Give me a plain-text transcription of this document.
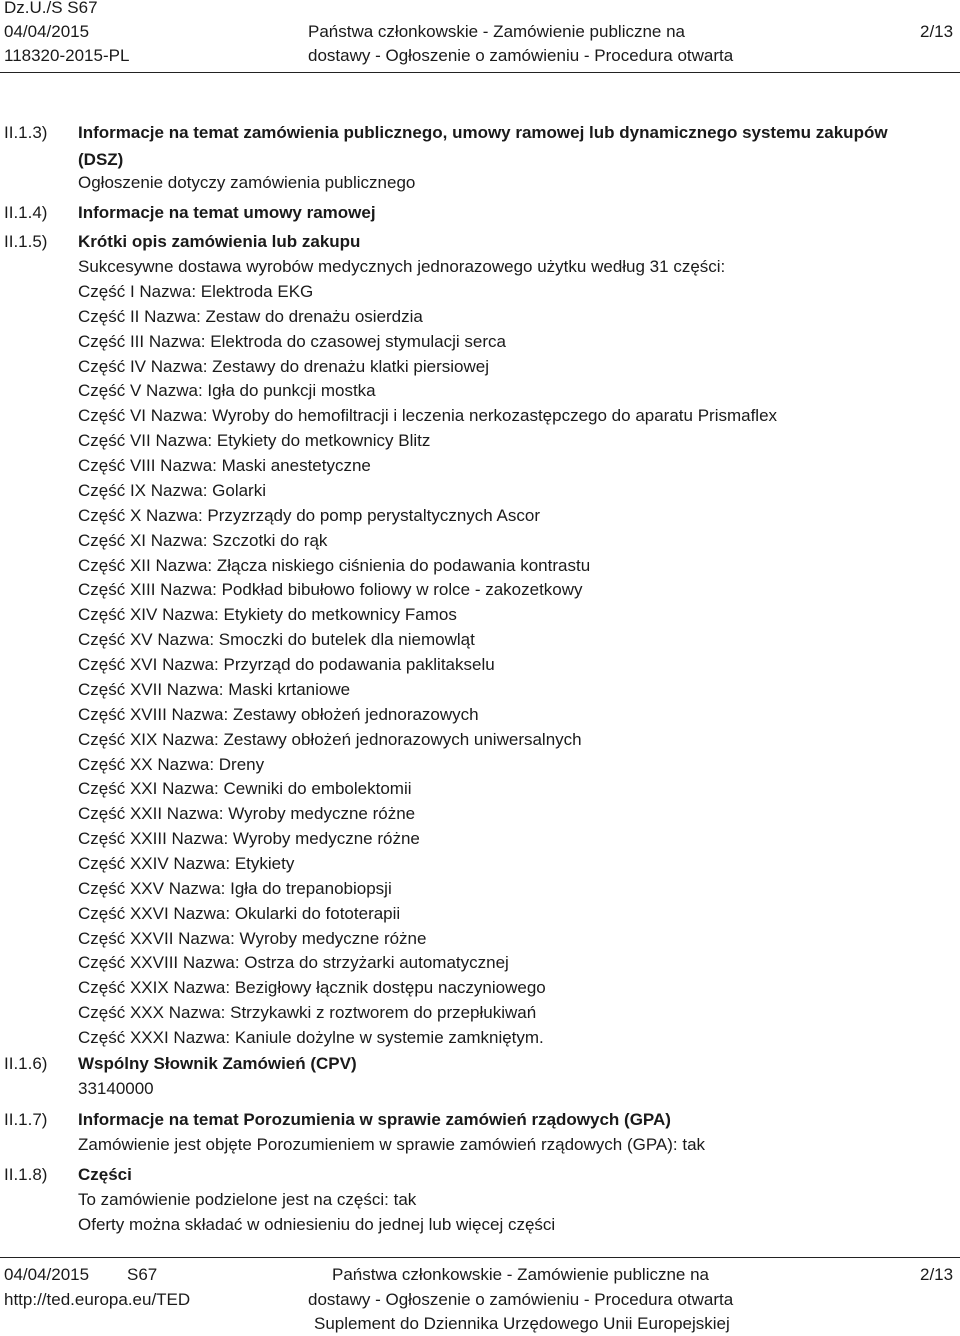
Dz.U./S S67
04/04/2015
118320-2015-PL
Państwa członkowskie - Zamówienie publiczne na
dostawy - Ogłoszenie o zamówieniu - Procedura otwarta
2/13
II.1.3)
II.1.4)
II.1.5)
II.1.6)
II.1.7)
II.1.8)
Informacje na temat zamówienia publicznego, umowy ramowej lub dynamicznego systemu zakupów
(DSZ)
Ogłoszenie dotyczy zamówienia publicznego
Informacje na temat umowy ramowej
Krótki opis zamówienia lub zakupu
Sukcesywne dostawa wyrobów medycznych jednorazowego użytku według 31 części:
Część I Nazwa: Elektroda EKG
Część II Nazwa: Zestaw do drenażu osierdzia
Część III Nazwa: Elektroda do czasowej stymulacji serca
Część IV Nazwa: Zestawy do drenażu klatki piersiowej
Część V Nazwa: Igła do punkcji mostka
Część VI Nazwa: Wyroby do hemofiltracji i leczenia nerkozastępczego do aparatu Prismaflex
Część VII Nazwa: Etykiety do metkownicy Blitz
Część VIII Nazwa: Maski anestetyczne
Część IX Nazwa: Golarki
Część X Nazwa: Przyzrządy do pomp perystaltycznych Ascor
Część XI Nazwa: Szczotki do rąk
Część XII Nazwa: Złącza niskiego ciśnienia do podawania kontrastu
Część XIII Nazwa: Podkład bibułowo foliowy w rolce - zakozetkowy
Część XIV Nazwa: Etykiety do metkownicy Famos
Część XV Nazwa: Smoczki do butelek dla niemowląt
Część XVI Nazwa: Przyrząd do podawania paklitakselu
Część XVII Nazwa: Maski krtaniowe
Część XVIII Nazwa: Zestawy obłożeń jednorazowych
Część XIX Nazwa: Zestawy obłożeń jednorazowych uniwersalnych
Część XX Nazwa: Dreny
Część XXI Nazwa: Cewniki do embolektomii
Część XXII Nazwa: Wyroby medyczne różne
Część XXIII Nazwa: Wyroby medyczne różne
Część XXIV Nazwa: Etykiety
Część XXV Nazwa: Igła do trepanobiopsji
Część XXVI Nazwa: Okularki do fototerapii
Część XXVII Nazwa: Wyroby medyczne różne
Część XXVIII Nazwa: Ostrza do strzyżarki automatycznej
Część XXIX Nazwa: Bezigłowy łącznik dostępu naczyniowego
Część XXX Nazwa: Strzykawki z roztworem do przepłukiwań
Część XXXI Nazwa: Kaniule dożylne w systemie zamkniętym.
Wspólny Słownik Zamówień (CPV)
33140000
Informacje na temat Porozumienia w sprawie zamówień rządowych (GPA)
Zamówienie jest objęte Porozumieniem w sprawie zamówień rządowych (GPA): tak
Części
To zamówienie podzielone jest na części: tak
Oferty można składać w odniesieniu do jednej lub więcej części
04/04/2015 S67
http://ted.europa.eu/TED
Państwa członkowskie - Zamówienie publiczne na
dostawy - Ogłoszenie o zamówieniu - Procedura otwarta
Suplement do Dziennika Urzędowego Unii Europejskiej
2/13
